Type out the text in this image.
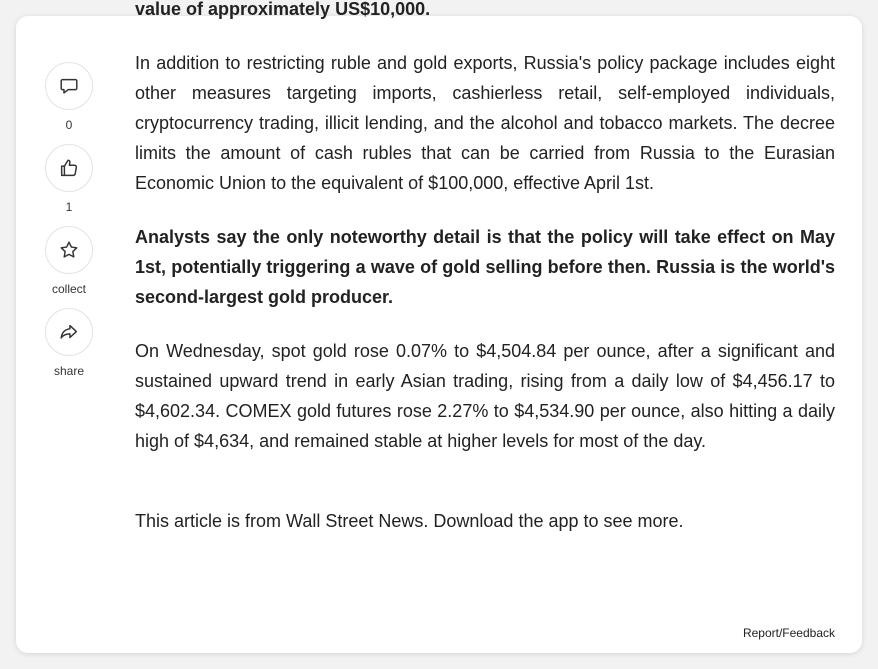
0
1
collect
share

value of approximately US$10,000.

In addition to restricting ruble and gold exports, Russia's policy package includes eight other measures targeting imports, cashierless retail, self-employed individuals, cryptocurrency trading, illicit lending, and the alcohol and tobacco markets. The decree limits the amount of cash rubles that can be carried from Russia to the Eurasian Economic Union to the equivalent of $100,000, effective April 1st.

Analysts say the only noteworthy detail is that the policy will take effect on May 1st, potentially triggering a wave of gold selling before then. Russia is the world's second-largest gold producer.

On Wednesday, spot gold rose 0.07% to $4,504.84 per ounce, after a significant and sustained upward trend in early Asian trading, rising from a daily low of $4,456.17 to $4,602.34. COMEX gold futures rose 2.27% to $4,534.90 per ounce, also hitting a daily high of $4,634, and remained stable at higher levels for most of the day.

This article is from Wall Street News. Download the app to see more.

Report/Feedback
